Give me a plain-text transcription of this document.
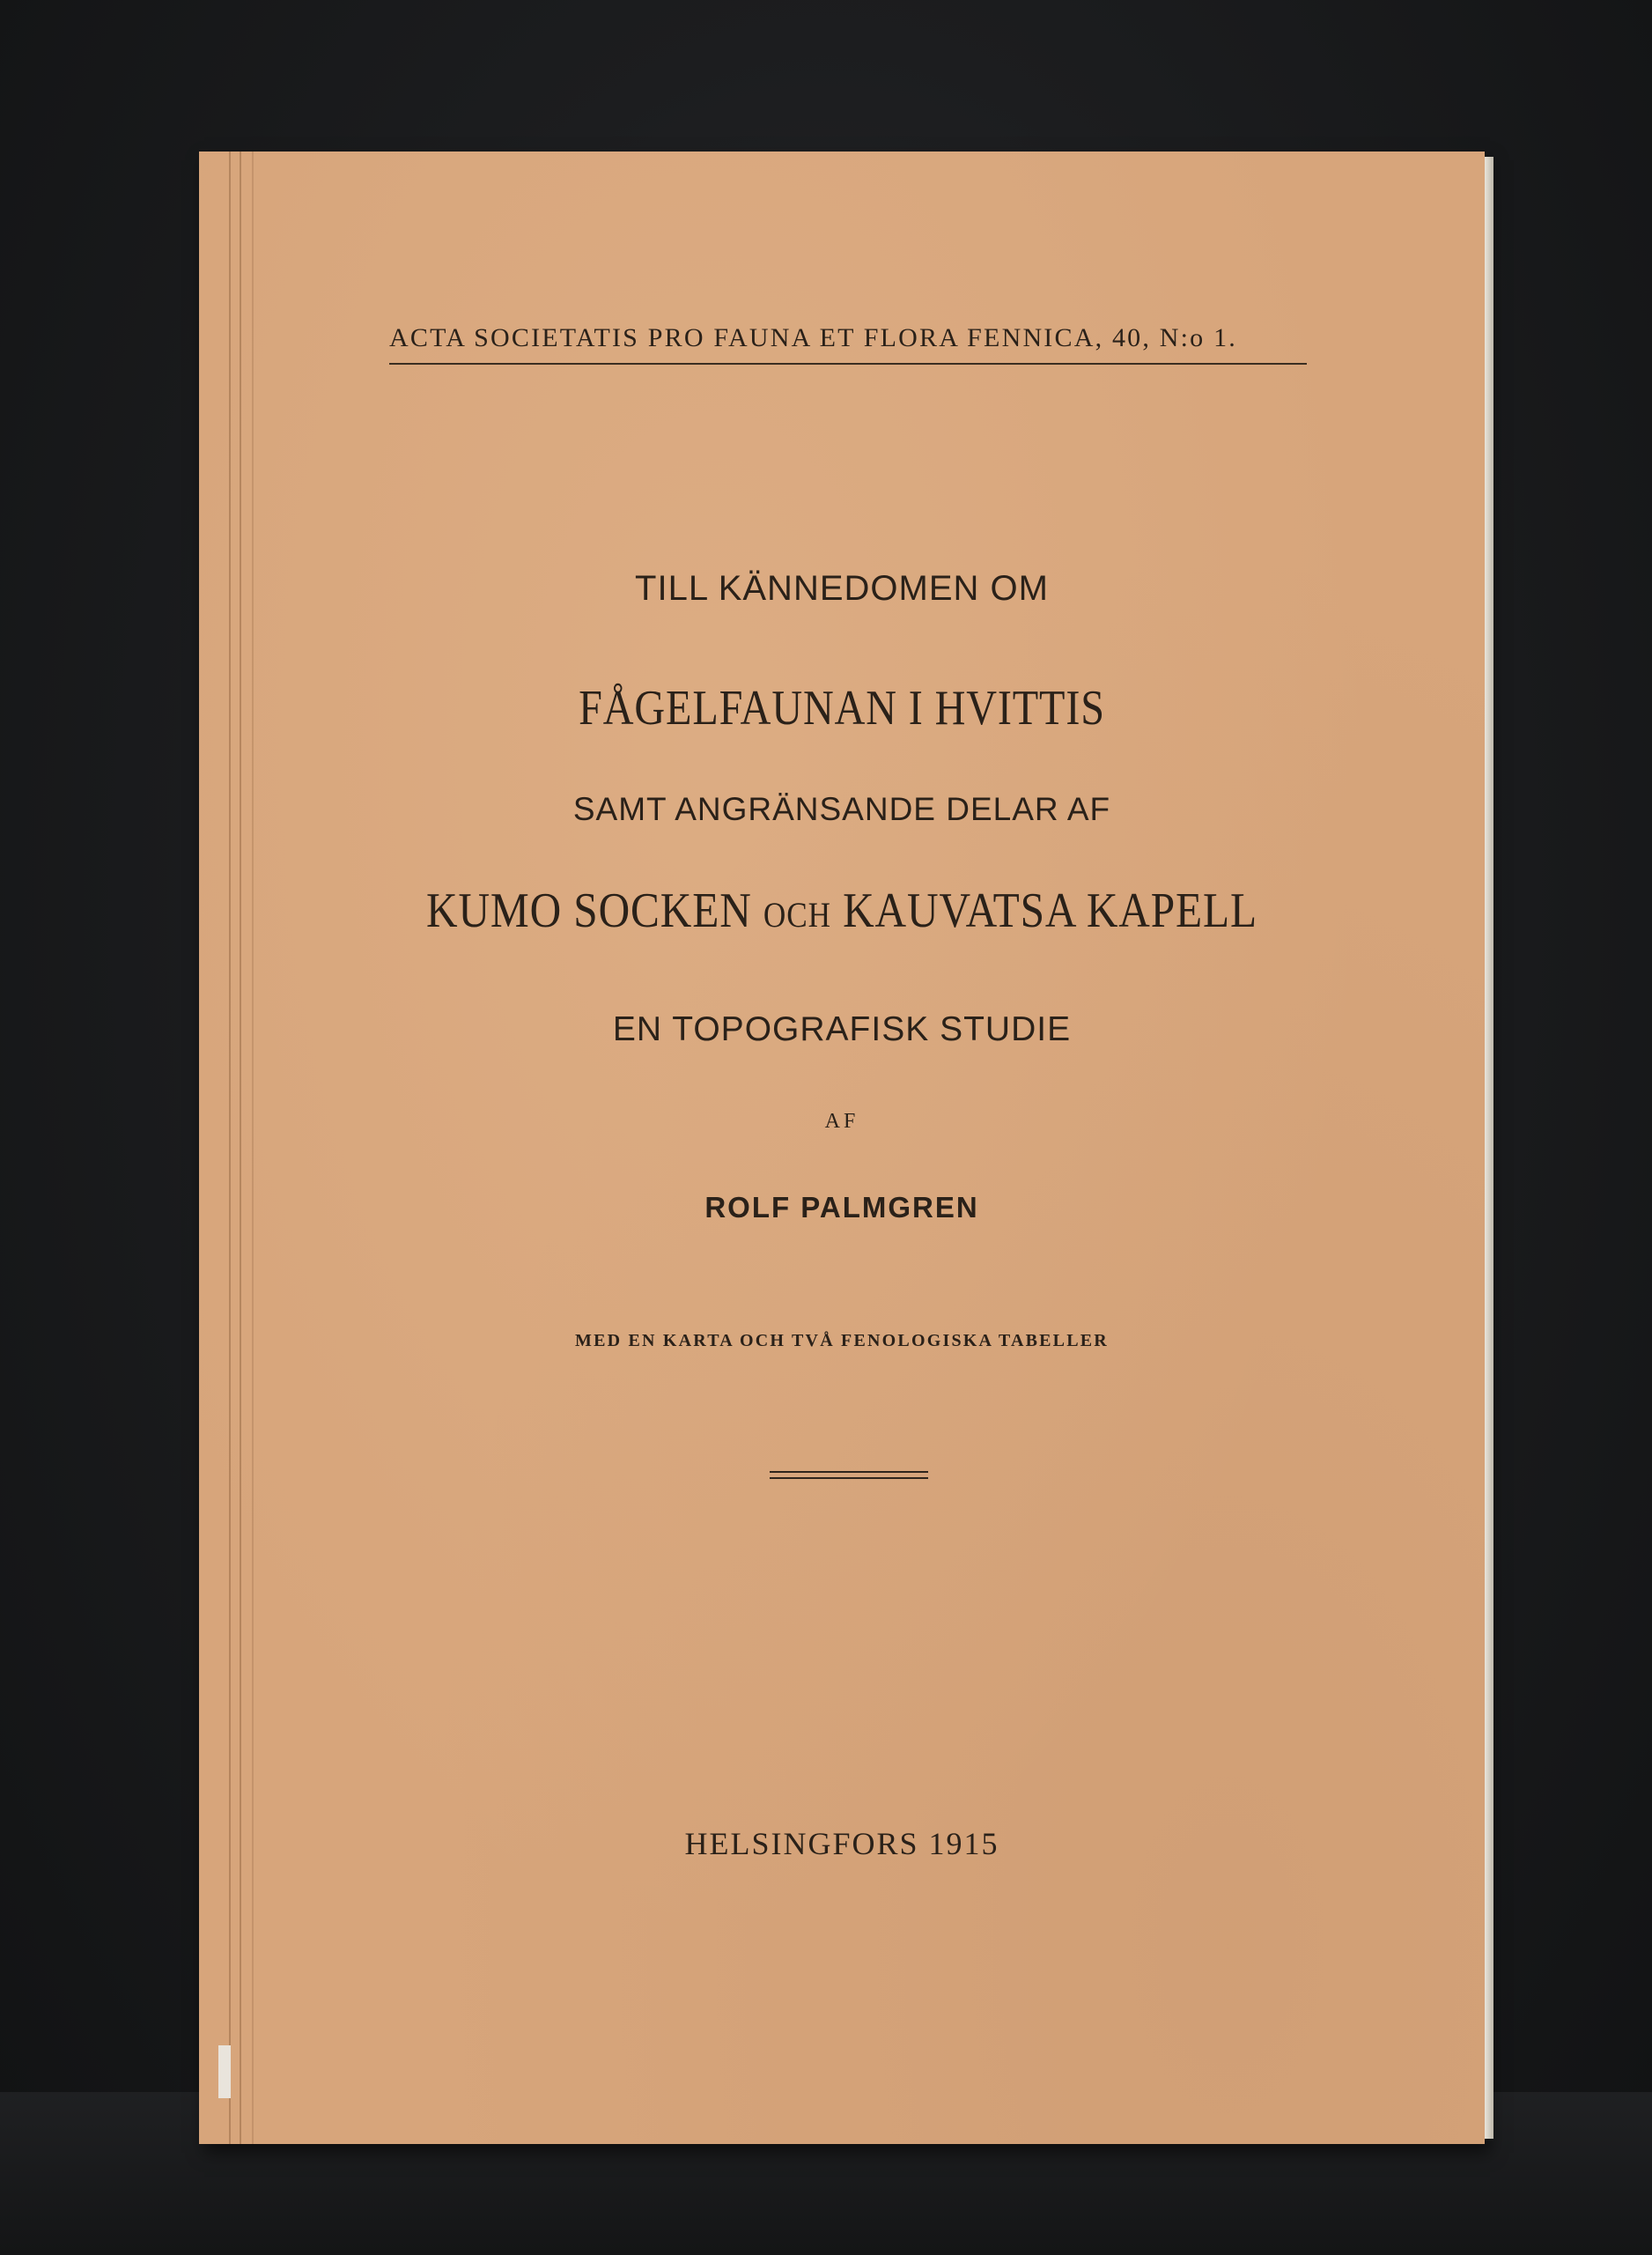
ACTA SOCIETATIS PRO FAUNA ET FLORA FENNICA, 40, N:o 1.
TILL KÄNNEDOMEN OM
FÅGELFAUNAN I HVITTIS
SAMT ANGRÄNSANDE DELAR AF
KUMO SOCKEN OCH KAUVATSA KAPELL
EN TOPOGRAFISK STUDIE
AF
ROLF PALMGREN
MED EN KARTA OCH TVÅ FENOLOGISKA TABELLER
HELSINGFORS 1915
